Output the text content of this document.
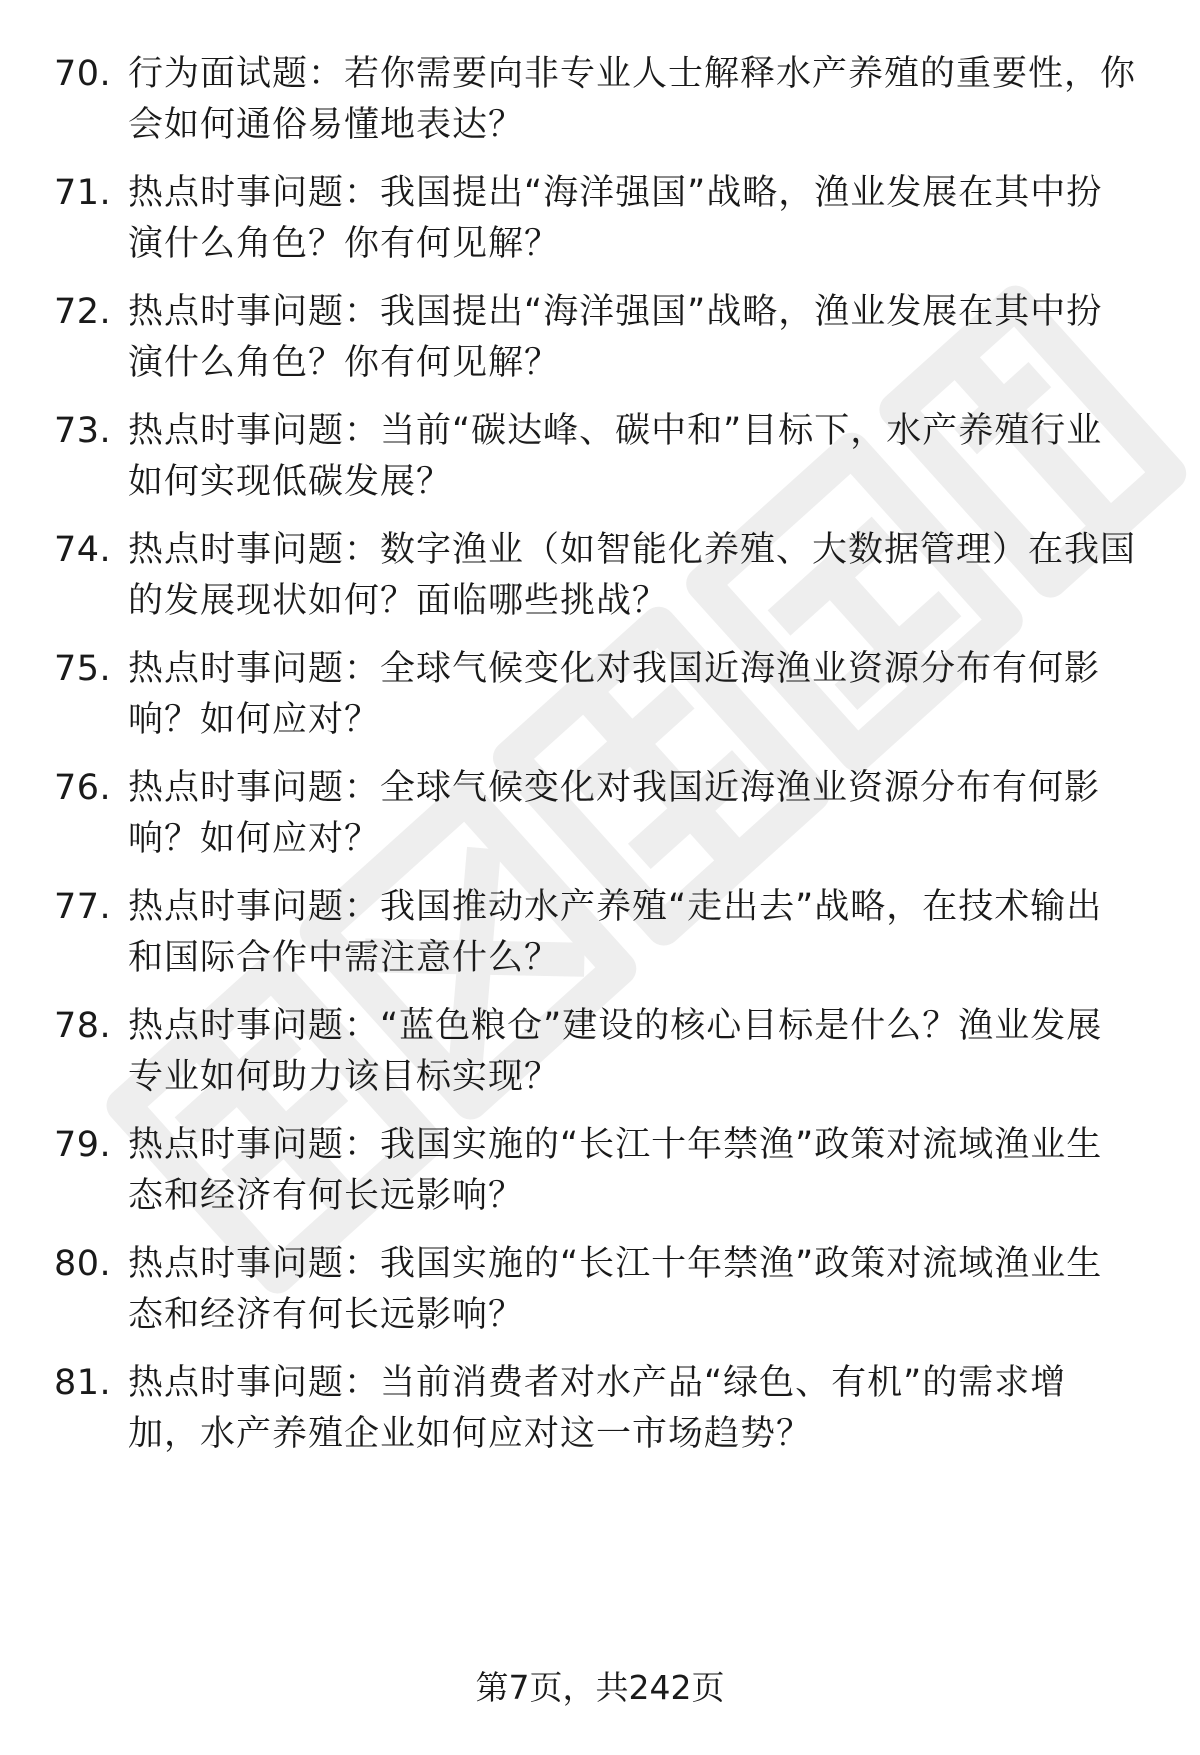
70. 行为面试题：若你需要向非专业人士解释水产养殖的重要性，你会如何通俗易懂地表达？
71. 热点时事问题：我国提出“海洋强国”战略，渔业发展在其中扮演什么角色？你有何见解？
72. 热点时事问题：我国提出“海洋强国”战略，渔业发展在其中扮演什么角色？你有何见解？
73. 热点时事问题：当前“碳达峰、碳中和”目标下，水产养殖行业如何实现低碳发展？
74. 热点时事问题：数字渔业（如智能化养殖、大数据管理）在我国的发展现状如何？面临哪些挑战？
75. 热点时事问题：全球气候变化对我国近海渔业资源分布有何影响？如何应对？
76. 热点时事问题：全球气候变化对我国近海渔业资源分布有何影响？如何应对？
77. 热点时事问题：我国推动水产养殖“走出去”战略，在技术输出和国际合作中需注意什么？
78. 热点时事问题：“蓝色粮仓”建设的核心目标是什么？渔业发展专业如何助力该目标实现？
79. 热点时事问题：我国实施的“长江十年禁渔”政策对流域渔业生态和经济有何长远影响？
80. 热点时事问题：我国实施的“长江十年禁渔”政策对流域渔业生态和经济有何长远影响？
81. 热点时事问题：当前消费者对水产品“绿色、有机”的需求增加，水产养殖企业如何应对这一市场趋势？
第7页，共242页
